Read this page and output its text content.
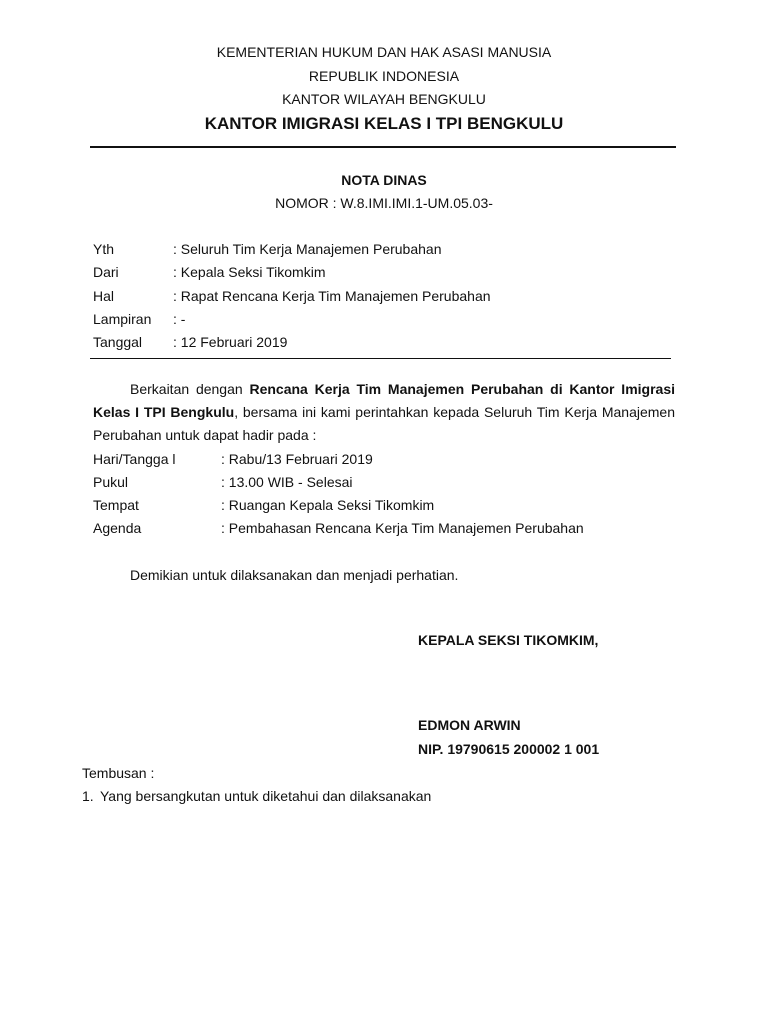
KEMENTERIAN HUKUM DAN HAK ASASI MANUSIA
REPUBLIK INDONESIA
KANTOR WILAYAH BENGKULU
KANTOR IMIGRASI KELAS I TPI BENGKULU
NOTA DINAS
NOMOR : W.8.IMI.IMI.1-UM.05.03-
Yth	: Seluruh Tim Kerja Manajemen Perubahan
Dari	: Kepala Seksi Tikomkim
Hal	: Rapat Rencana Kerja Tim Manajemen Perubahan
Lampiran : -
Tanggal : 12 Februari 2019
Berkaitan dengan Rencana Kerja Tim Manajemen Perubahan di Kantor Imigrasi
Kelas I TPI Bengkulu, bersama ini kami perintahkan kepada Seluruh Tim Kerja Manajemen
Perubahan untuk dapat hadir pada :
Hari/Tangga l	: Rabu/13 Februari 2019
Pukul	: 13.00 WIB - Selesai
Tempat	: Ruangan Kepala Seksi Tikomkim
Agenda	: Pembahasan Rencana Kerja Tim Manajemen Perubahan
Demikian untuk dilaksanakan dan menjadi perhatian.
KEPALA SEKSI TIKOMKIM,
EDMON ARWIN
NIP. 19790615 200002 1 001
Tembusan :
1. Yang bersangkutan untuk diketahui dan dilaksanakan
